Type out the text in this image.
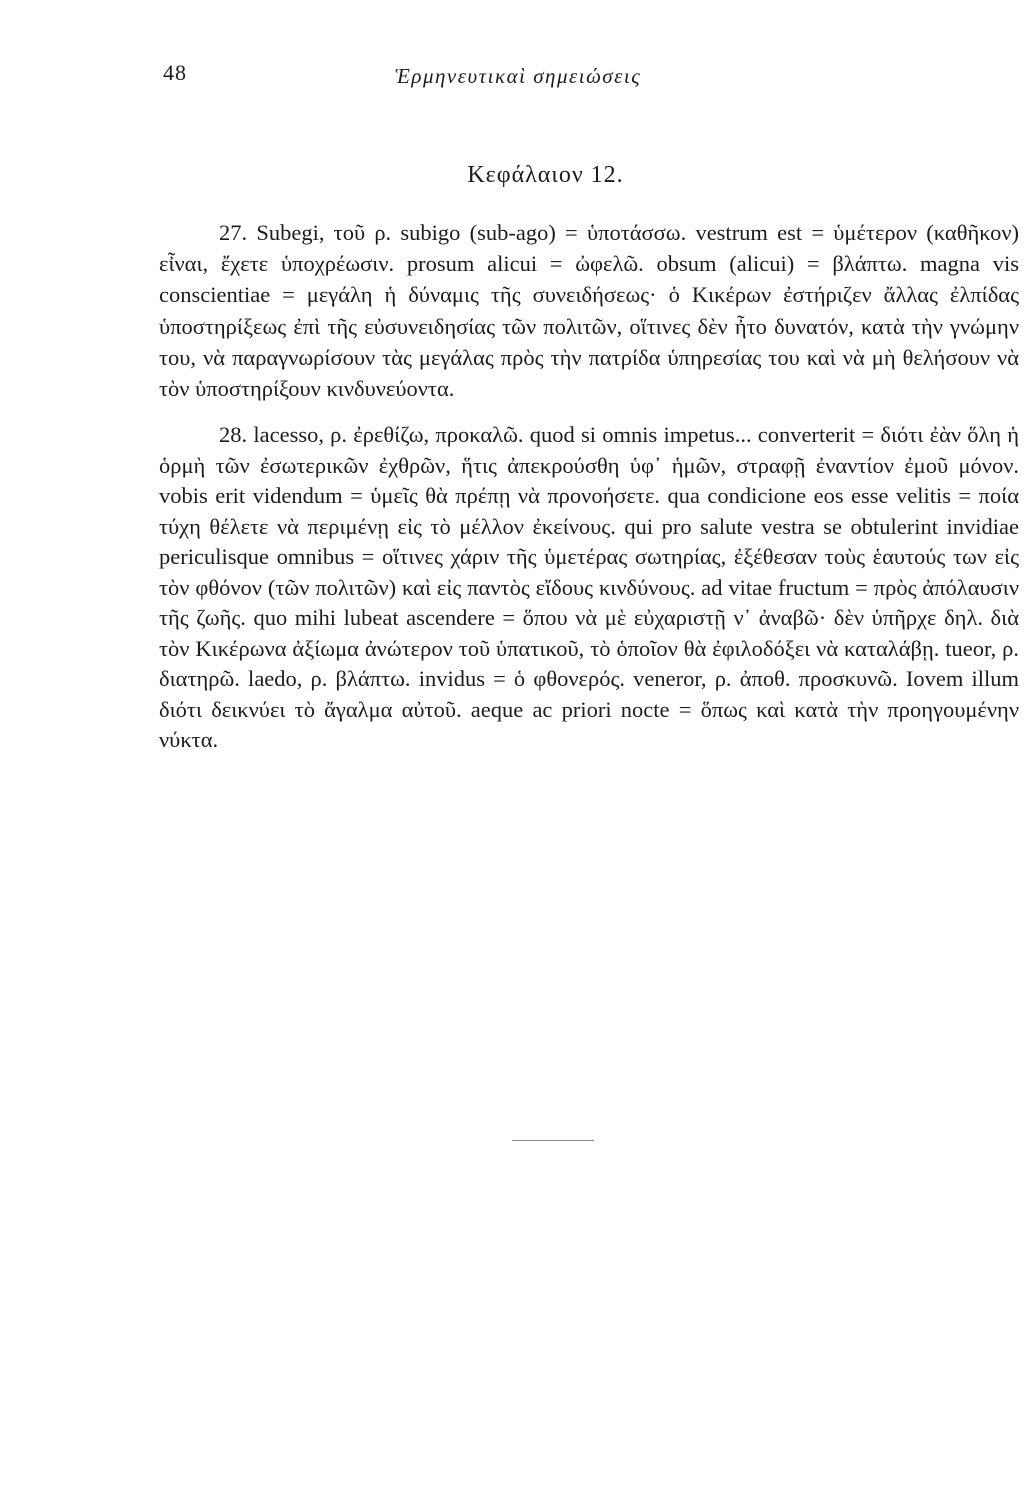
48	Ἑρμηνευτικαὶ σημειώσεις
Κεφάλαιον 12.

27. Subegi, τοῦ ρ. subigo (sub-ago) = ὑποτάσσω. vestrum est = ὑμέτερον (καθῆκον) εἶναι, ἔχετε ὑποχρέωσιν. prosum alicui = ὠφελῶ. obsum (alicui) = βλάπτω. magna vis conscientiae = μεγάλη ἡ δύναμις τῆς συνειδήσεως· ὁ Κικέρων ἐστήριζεν ἄλλας ἐλπίδας ὑποστηρίξεως ἐπὶ τῆς εὐσυνειδησίας τῶν πολιτῶν, οἵτινες δὲν ἦτο δυνατόν, κατὰ τὴν γνώμην του, νὰ παραγνωρίσουν τὰς μεγάλας πρὸς τὴν πατρίδα ὑπηρεσίας του καὶ νὰ μὴ θελήσουν νὰ τὸν ὑποστηρίξουν κινδυνεύοντα.

28. lacesso, ρ. ἐρεθίζω, προκαλῶ. quod si omnis impetus... converterit = διότι ἐὰν ὅλη ἡ ὁρμὴ τῶν ἐσωτερικῶν ἐχθρῶν, ἥτις ἀπεκρούσθη ὑφ᾽ ἡμῶν, στραφῇ ἐναντίον ἐμοῦ μόνον. vobis erit videndum = ὑμεῖς θὰ πρέπῃ νὰ προνοήσετε. qua condicione eos esse velitis = ποία τύχη θέλετε νὰ περιμένῃ εἰς τὸ μέλλον ἐκείνους. qui pro salute vestra se obtulerint invidiae periculisque omnibus = οἵτινες χάριν τῆς ὑμετέρας σωτηρίας, ἐξέθεσαν τοὺς ἑαυτούς των εἰς τὸν φθόνον (τῶν πολιτῶν) καὶ εἰς παντὸς εἴδους κινδύνους. ad vitae fructum = πρὸς ἀπόλαυσιν τῆς ζωῆς. quo mihi lubeat ascendere = ὅπου νὰ μὲ εὐχαριστῇ ν᾽ ἀναβῶ· δὲν ὑπῆρχε δηλ. διὰ τὸν Κικέρωνα ἀξίωμα ἀνώτερον τοῦ ὑπατικοῦ, τὸ ὁποῖον θὰ ἐφιλοδόξει νὰ καταλάβῃ. tueor, ρ. διατηρῶ. laedo, ρ. βλάπτω. invidus = ὁ φθονερός. veneror, ρ. ἀποθ. προσκυνῶ. Iovem illum διότι δεικνύει τὸ ἄγαλμα αὐτοῦ. aeque ac priori nocte = ὅπως καὶ κατὰ τὴν προηγουμένην νύκτα.
